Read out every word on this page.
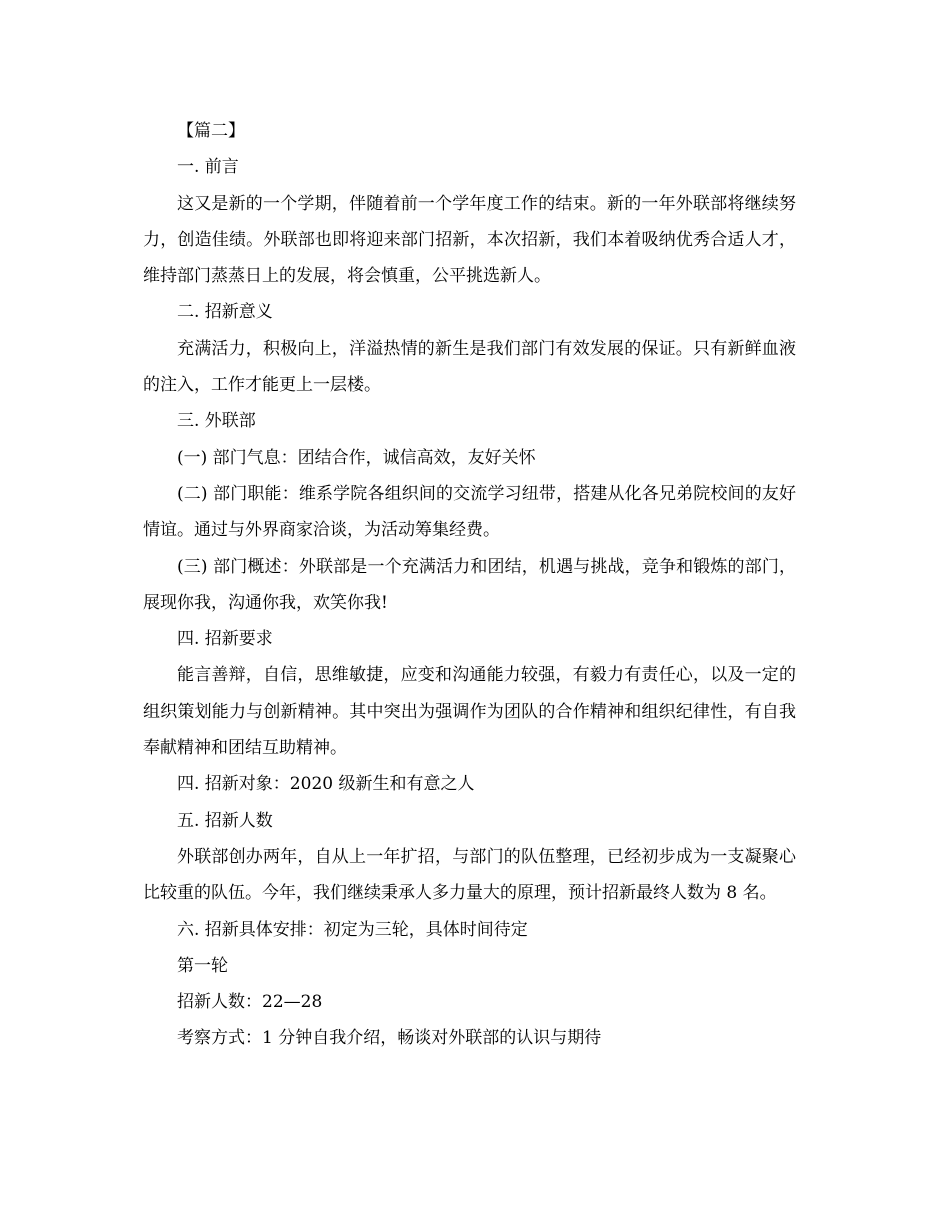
【篇二】

一. 前言

这又是新的一个学期，伴随着前一个学年度工作的结束。新的一年外联部将继续努力，创造佳绩。外联部也即将迎来部门招新，本次招新，我们本着吸纳优秀合适人才，维持部门蒸蒸日上的发展，将会慎重，公平挑选新人。

二. 招新意义

充满活力，积极向上，洋溢热情的新生是我们部门有效发展的保证。只有新鲜血液的注入，工作才能更上一层楼。

三. 外联部

(一) 部门气息：团结合作，诚信高效，友好关怀

(二) 部门职能：维系学院各组织间的交流学习纽带，搭建从化各兄弟院校间的友好情谊。通过与外界商家洽谈，为活动筹集经费。

(三) 部门概述：外联部是一个充满活力和团结，机遇与挑战，竞争和锻炼的部门，展现你我，沟通你我，欢笑你我!

四. 招新要求

能言善辩，自信，思维敏捷，应变和沟通能力较强，有毅力有责任心，以及一定的组织策划能力与创新精神。其中突出为强调作为团队的合作精神和组织纪律性，有自我奉献精神和团结互助精神。

四. 招新对象：2020 级新生和有意之人

五. 招新人数

外联部创办两年，自从上一年扩招，与部门的队伍整理，已经初步成为一支凝聚心比较重的队伍。今年，我们继续秉承人多力量大的原理，预计招新最终人数为 8 名。

六. 招新具体安排：初定为三轮，具体时间待定

第一轮

招新人数：22—28

考察方式：1 分钟自我介绍，畅谈对外联部的认识与期待
